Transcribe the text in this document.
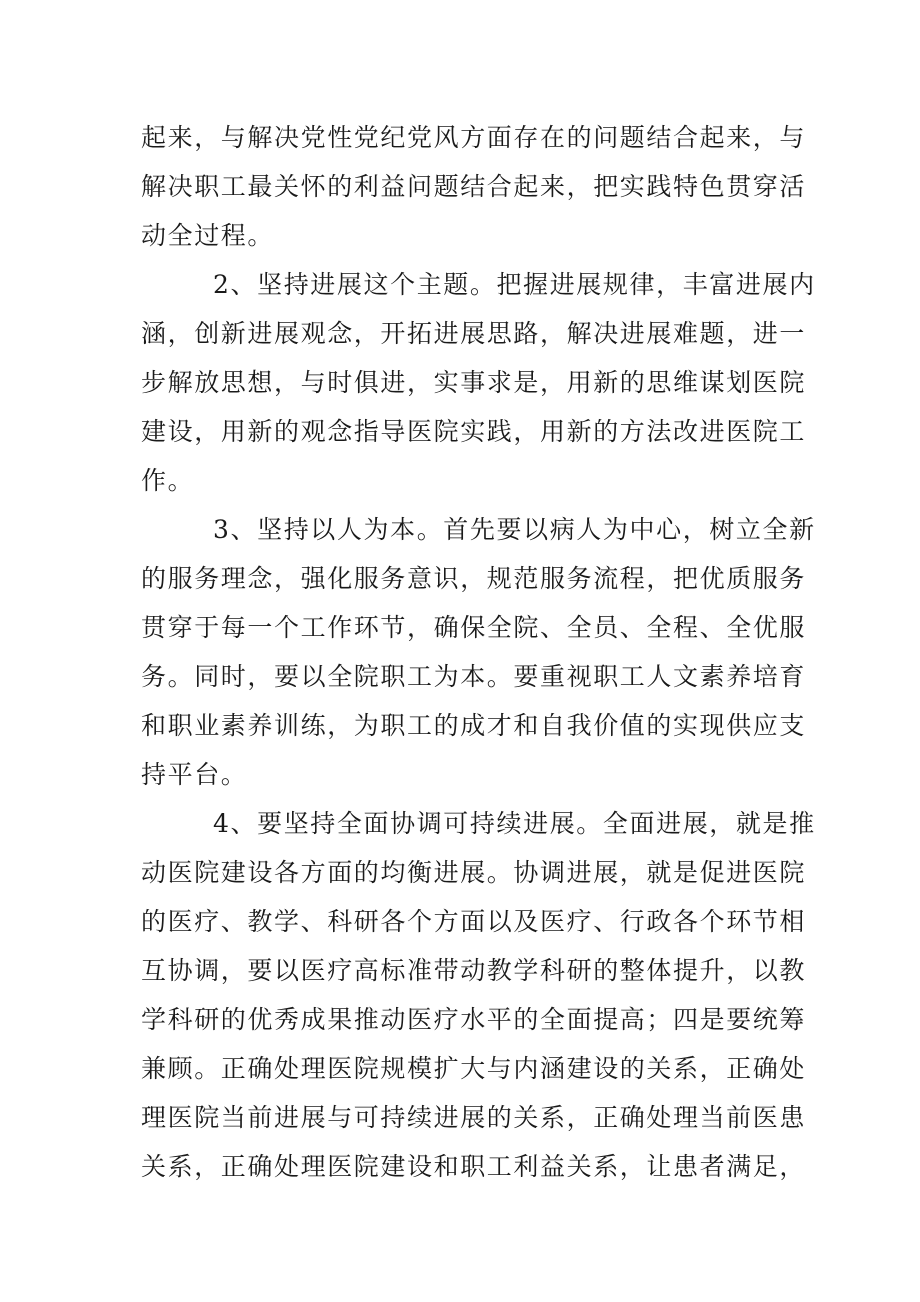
起来，与解决党性党纪党风方面存在的问题结合起来，与
解决职工最关怀的利益问题结合起来，把实践特色贯穿活
动全过程。
2、坚持进展这个主题。把握进展规律，丰富进展内
涵，创新进展观念，开拓进展思路，解决进展难题，进一
步解放思想，与时俱进，实事求是，用新的思维谋划医院
建设，用新的观念指导医院实践，用新的方法改进医院工
作。
3、坚持以人为本。首先要以病人为中心，树立全新
的服务理念，强化服务意识，规范服务流程，把优质服务
贯穿于每一个工作环节，确保全院、全员、全程、全优服
务。同时，要以全院职工为本。要重视职工人文素养培育
和职业素养训练，为职工的成才和自我价值的实现供应支
持平台。
4、要坚持全面协调可持续进展。全面进展，就是推
动医院建设各方面的均衡进展。协调进展，就是促进医院
的医疗、教学、科研各个方面以及医疗、行政各个环节相
互协调，要以医疗高标准带动教学科研的整体提升，以教
学科研的优秀成果推动医疗水平的全面提高；四是要统筹
兼顾。正确处理医院规模扩大与内涵建设的关系，正确处
理医院当前进展与可持续进展的关系，正确处理当前医患
关系，正确处理医院建设和职工利益关系，让患者满足，
